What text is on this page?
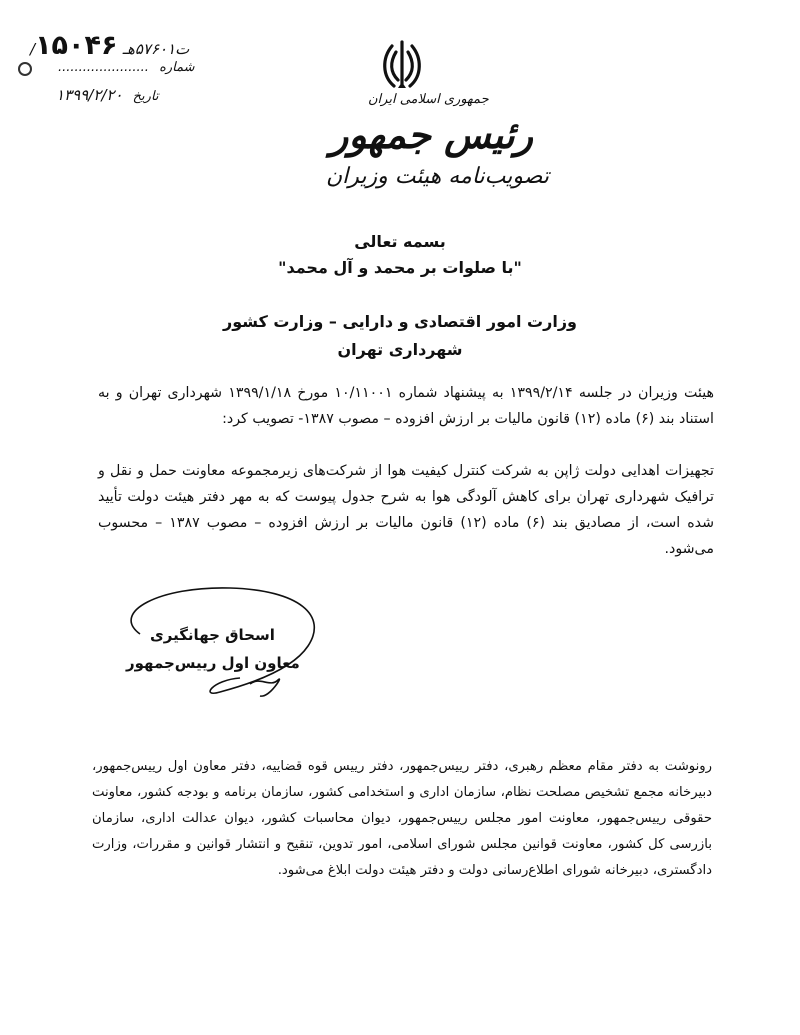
/ت۵۷۶۰۱هـ ۱۵۰۴۶
...................... شماره
۱۳۹۹/۲/۲۰ تاریخ	جمهوری اسلامی ایران
رئیس جمهور
تصویب‌نامه هیئت وزیران
بسمه تعالی
"با صلوات بر محمد و آل محمد"
وزارت امور اقتصادی و دارایی – وزارت کشور
شهرداری تهران

هیئت وزیران در جلسه ۱۳۹۹/۲/۱۴ به پیشنهاد شماره ۱۰/۱۱۰۰۱ مورخ ۱۳۹۹/۱/۱۸ شهرداری تهران و به استناد بند (۶) ماده (۱۲) قانون مالیات بر ارزش افزوده – مصوب ۱۳۸۷- تصویب کرد:

تجهیزات اهدایی دولت ژاپن به شرکت کنترل کیفیت هوا از شرکت‌های زیرمجموعه معاونت حمل و نقل و ترافیک شهرداری تهران برای کاهش آلودگی هوا به شرح جدول پیوست که به مهر دفتر هیئت دولت تأیید شده است، از مصادیق بند (۶) ماده (۱۲) قانون مالیات بر ارزش افزوده – مصوب ۱۳۸۷ – محسوب می‌شود.

اسحاق جهانگیری
معاون اول رییس‌جمهور

رونوشت به دفتر مقام معظم رهبری، دفتر رییس‌جمهور، دفتر رییس قوه قضاییه، دفتر معاون اول رییس‌جمهور، دبیرخانه مجمع تشخیص مصلحت نظام، سازمان اداری و استخدامی کشور، سازمان برنامه و بودجه کشور، معاونت حقوقی رییس‌جمهور، معاونت امور مجلس رییس‌جمهور، دیوان محاسبات کشور، دیوان عدالت اداری، سازمان بازرسی کل کشور، معاونت قوانین مجلس شورای اسلامی، امور تدوین، تنقیح و انتشار قوانین و مقررات، وزارت دادگستری، دبیرخانه شورای اطلاع‌رسانی دولت و دفتر هیئت دولت ابلاغ می‌شود.
